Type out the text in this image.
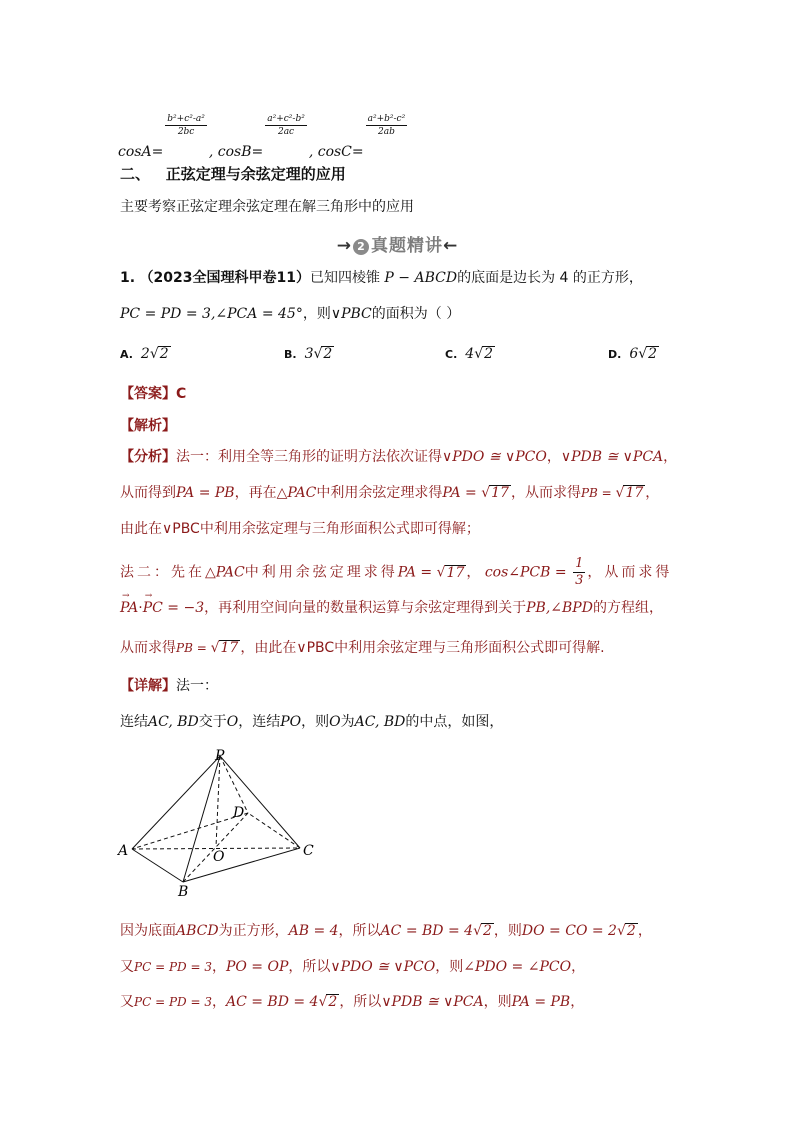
cosA=
$\frac{\text{b²+c²-a²}}{2bc}$
, cosB=
$\frac{\text{a²+c²-b²}}{2ac}$
, cosC=
$\frac{\text{a²+b²-c²}}{2ab}$
二、 正弦定理与余弦定理的应用
主要考察正弦定理余弦定理在解三角形中的应用
→ 2 真题精讲←
1. （2023全国理科甲卷11）已知四棱锥 P − ABCD的底面是边长为 4 的正方形，
PC = PD = 3,∠PCA = 45°，则∨PBC的面积为（ ）
A. 2√2	B. 3√2	C. 4√2	D. 6√2
【答案】C
【解析】
【分析】法一：利用全等三角形的证明方法依次证得∨PDO ≅ ∨PCO，∨PDB ≅ ∨PCA，
从而得到PA = PB，再在△PAC中利用余弦定理求得PA = √17 ，从而求得PB = √17 ，
由此在∨PBC中利用余弦定理与三角形面积公式即可得解；
法二：先在△PAC中利用余弦定理求得PA = √17 ， cos∠PCB = $\frac{1}{3}$ ，从而求得
→ PA·→ PC = −3，再利用空间向量的数量积运算与余弦定理得到关于PB,∠BPD的方程组，
从而求得PB = √17 ，由此在∨PBC中利用余弦定理与三角形面积公式即可得解.
【详解】法一：
连结AC, BD交于O，连结PO，则O为AC, BD的中点，如图，
P
A
B
C
D
O
因为底面ABCD为正方形，AB = 4，所以AC = BD = 4√2 ，则DO = CO = 2√2 ，
又PC = PD = 3，PO = OP，所以∨PDO ≅ ∨PCO，则∠PDO = ∠PCO，
又PC = PD = 3，AC = BD = 4√2 ，所以∨PDB ≅ ∨PCA，则PA = PB，
